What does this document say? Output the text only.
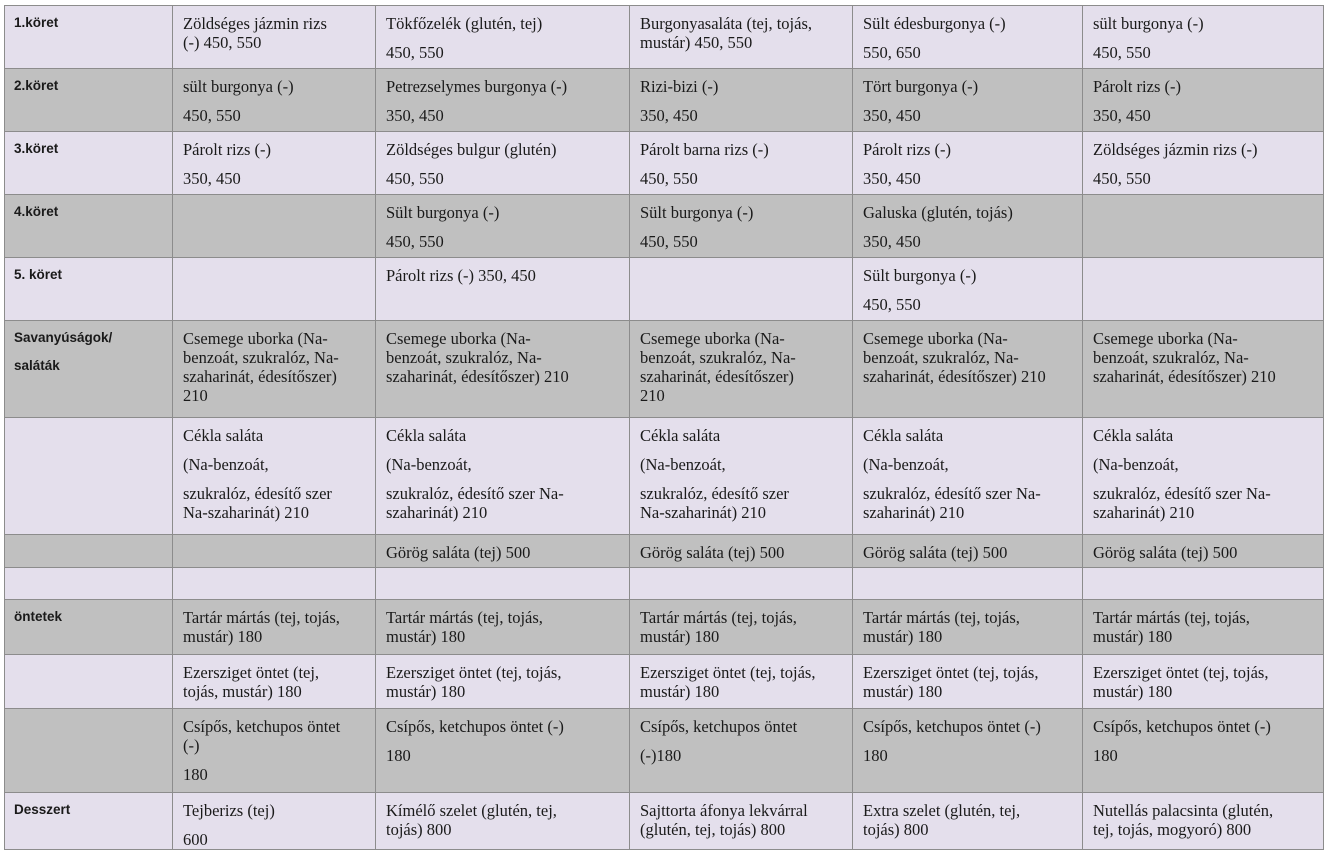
1.köret	Zöldséges jázmin rizs
(-) 450, 550	Tökfőzelék (glutén, tej)
450, 550	Burgonyasaláta (tej, tojás,
mustár) 450, 550	Sült édesburgonya (-)
550, 650	sült burgonya (-)
450, 550

2.köret	sült burgonya (-)
450, 550	Petrezselymes burgonya (-)
350, 450	Rizi-bizi (-)
350, 450	Tört burgonya (-)
350, 450	Párolt rizs (-)
350, 450

3.köret	Párolt rizs (-)
350, 450	Zöldséges bulgur (glutén)
450, 550	Párolt barna rizs (-)
450, 550	Párolt rizs (-)
350, 450	Zöldséges jázmin rizs (-)
450, 550

4.köret		Sült burgonya (-)
450, 550	Sült burgonya (-)
450, 550	Galuska (glutén, tojás)
350, 450	

5. köret		Párolt rizs (-) 350, 450		Sült burgonya (-)
450, 550	

Savanyúságok/
saláták	Csemege uborka (Na-
benzoát, szukralóz, Na-
szaharinát, édesítőszer)
210	Csemege uborka (Na-
benzoát, szukralóz, Na-
szaharinát, édesítőszer) 210	Csemege uborka (Na-
benzoát, szukralóz, Na-
szaharinát, édesítőszer)
210	Csemege uborka (Na-
benzoát, szukralóz, Na-
szaharinát, édesítőszer) 210	Csemege uborka (Na-
benzoát, szukralóz, Na-
szaharinát, édesítőszer) 210

	Cékla saláta
(Na-benzoát,
szukralóz, édesítő szer
Na-szaharinát) 210	Cékla saláta
(Na-benzoát,
szukralóz, édesítő szer Na-
szaharinát) 210	Cékla saláta
(Na-benzoát,
szukralóz, édesítő szer
Na-szaharinát) 210	Cékla saláta
(Na-benzoát,
szukralóz, édesítő szer Na-
szaharinát) 210	Cékla saláta
(Na-benzoát,
szukralóz, édesítő szer Na-
szaharinát) 210

		Görög saláta (tej) 500	Görög saláta (tej) 500	Görög saláta (tej) 500	Görög saláta (tej) 500

öntetek	Tartár mártás (tej, tojás,
mustár) 180	Tartár mártás (tej, tojás,
mustár) 180	Tartár mártás (tej, tojás,
mustár) 180	Tartár mártás (tej, tojás,
mustár) 180	Tartár mártás (tej, tojás,
mustár) 180

	Ezersziget öntet (tej,
tojás, mustár) 180	Ezersziget öntet (tej, tojás,
mustár) 180	Ezersziget öntet (tej, tojás,
mustár) 180	Ezersziget öntet (tej, tojás,
mustár) 180	Ezersziget öntet (tej, tojás,
mustár) 180

	Csípős, ketchupos öntet
(-)
180	Csípős, ketchupos öntet (-)
180	Csípős, ketchupos öntet
(-)180	Csípős, ketchupos öntet (-)
180	Csípős, ketchupos öntet (-)
180

Desszert	Tejberizs (tej)
600	Kímélő szelet (glutén, tej,
tojás) 800	Sajttorta áfonya lekvárral
(glutén, tej, tojás) 800	Extra szelet (glutén, tej,
tojás) 800	Nutellás palacsinta (glutén,
tej, tojás, mogyoró) 800
